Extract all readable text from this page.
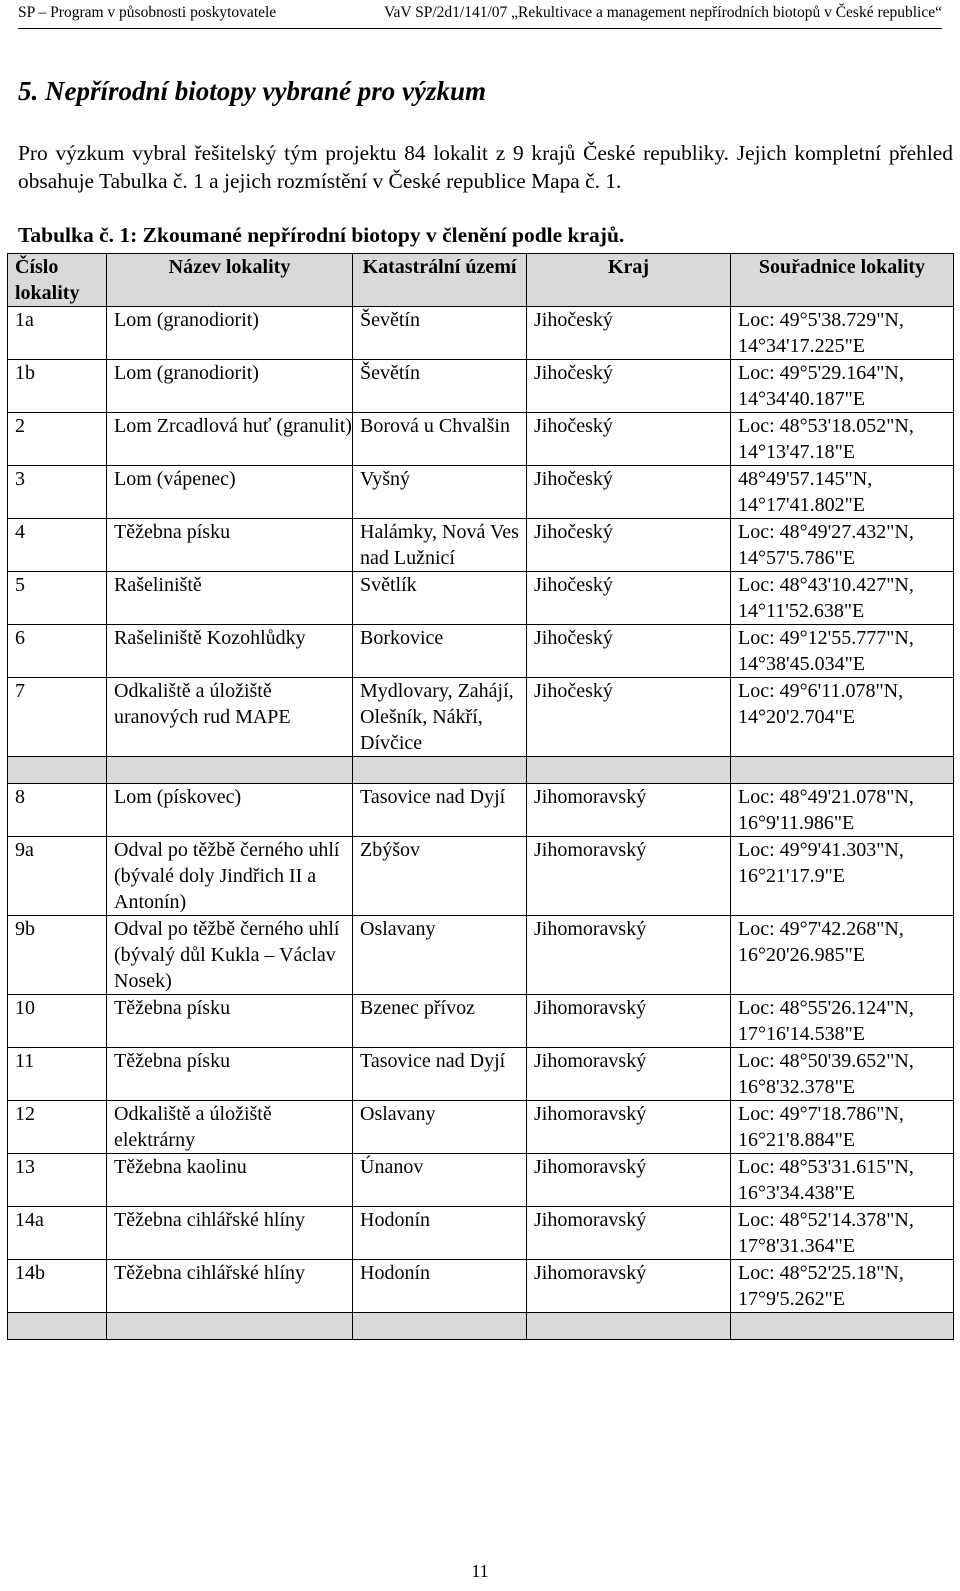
SP – Program v působnosti poskytovatele	VaV SP/2d1/141/07 „Rekultivace a management nepřírodních biotopů v České republice“
5. Nepřírodní biotopy vybrané pro výzkum
Pro výzkum vybral řešitelský tým projektu 84 lokalit z 9 krajů České republiky. Jejich kompletní přehled obsahuje Tabulka č. 1 a jejich rozmístění v České republice Mapa č. 1.
Tabulka č. 1: Zkoumané nepřírodní biotopy v členění podle krajů.
Číslo lokality	Název lokality	Katastrální území	Kraj	Souřadnice lokality
1a	Lom (granodiorit)	Ševětín	Jihočeský	Loc: 49°5'38.729"N, 14°34'17.225"E
1b	Lom (granodiorit)	Ševětín	Jihočeský	Loc: 49°5'29.164"N, 14°34'40.187"E
2	Lom Zrcadlová huť (granulit)	Borová u Chvalšin	Jihočeský	Loc: 48°53'18.052"N, 14°13'47.18"E
3	Lom (vápenec)	Vyšný	Jihočeský	48°49'57.145"N, 14°17'41.802"E
4	Těžebna písku	Halámky, Nová Ves nad Lužnicí	Jihočeský	Loc: 48°49'27.432"N, 14°57'5.786"E
5	Rašeliniště	Světlík	Jihočeský	Loc: 48°43'10.427"N, 14°11'52.638"E
6	Rašeliniště Kozohlůdky	Borkovice	Jihočeský	Loc: 49°12'55.777"N, 14°38'45.034"E
7	Odkaliště a úložiště uranových rud MAPE	Mydlovary, Zahájí, Olešník, Nákří, Dívčice	Jihočeský	Loc: 49°6'11.078"N, 14°20'2.704"E

8	Lom (pískovec)	Tasovice nad Dyjí	Jihomoravský	Loc: 48°49'21.078"N, 16°9'11.986"E
9a	Odval po těžbě černého uhlí (bývalé doly Jindřich II a Antonín)	Zbýšov	Jihomoravský	Loc: 49°9'41.303"N, 16°21'17.9"E
9b	Odval po těžbě černého uhlí (bývalý důl Kukla – Václav Nosek)	Oslavany	Jihomoravský	Loc: 49°7'42.268"N, 16°20'26.985"E
10	Těžebna písku	Bzenec přívoz	Jihomoravský	Loc: 48°55'26.124"N, 17°16'14.538"E
11	Těžebna písku	Tasovice nad Dyjí	Jihomoravský	Loc: 48°50'39.652"N, 16°8'32.378"E
12	Odkaliště a úložiště elektrárny	Oslavany	Jihomoravský	Loc: 49°7'18.786"N, 16°21'8.884"E
13	Těžebna kaolinu	Únanov	Jihomoravský	Loc: 48°53'31.615"N, 16°3'34.438"E
14a	Těžebna cihlářské hlíny	Hodonín	Jihomoravský	Loc: 48°52'14.378"N, 17°8'31.364"E
14b	Těžebna cihlářské hlíny	Hodonín	Jihomoravský	Loc: 48°52'25.18"N, 17°9'5.262"E

11
